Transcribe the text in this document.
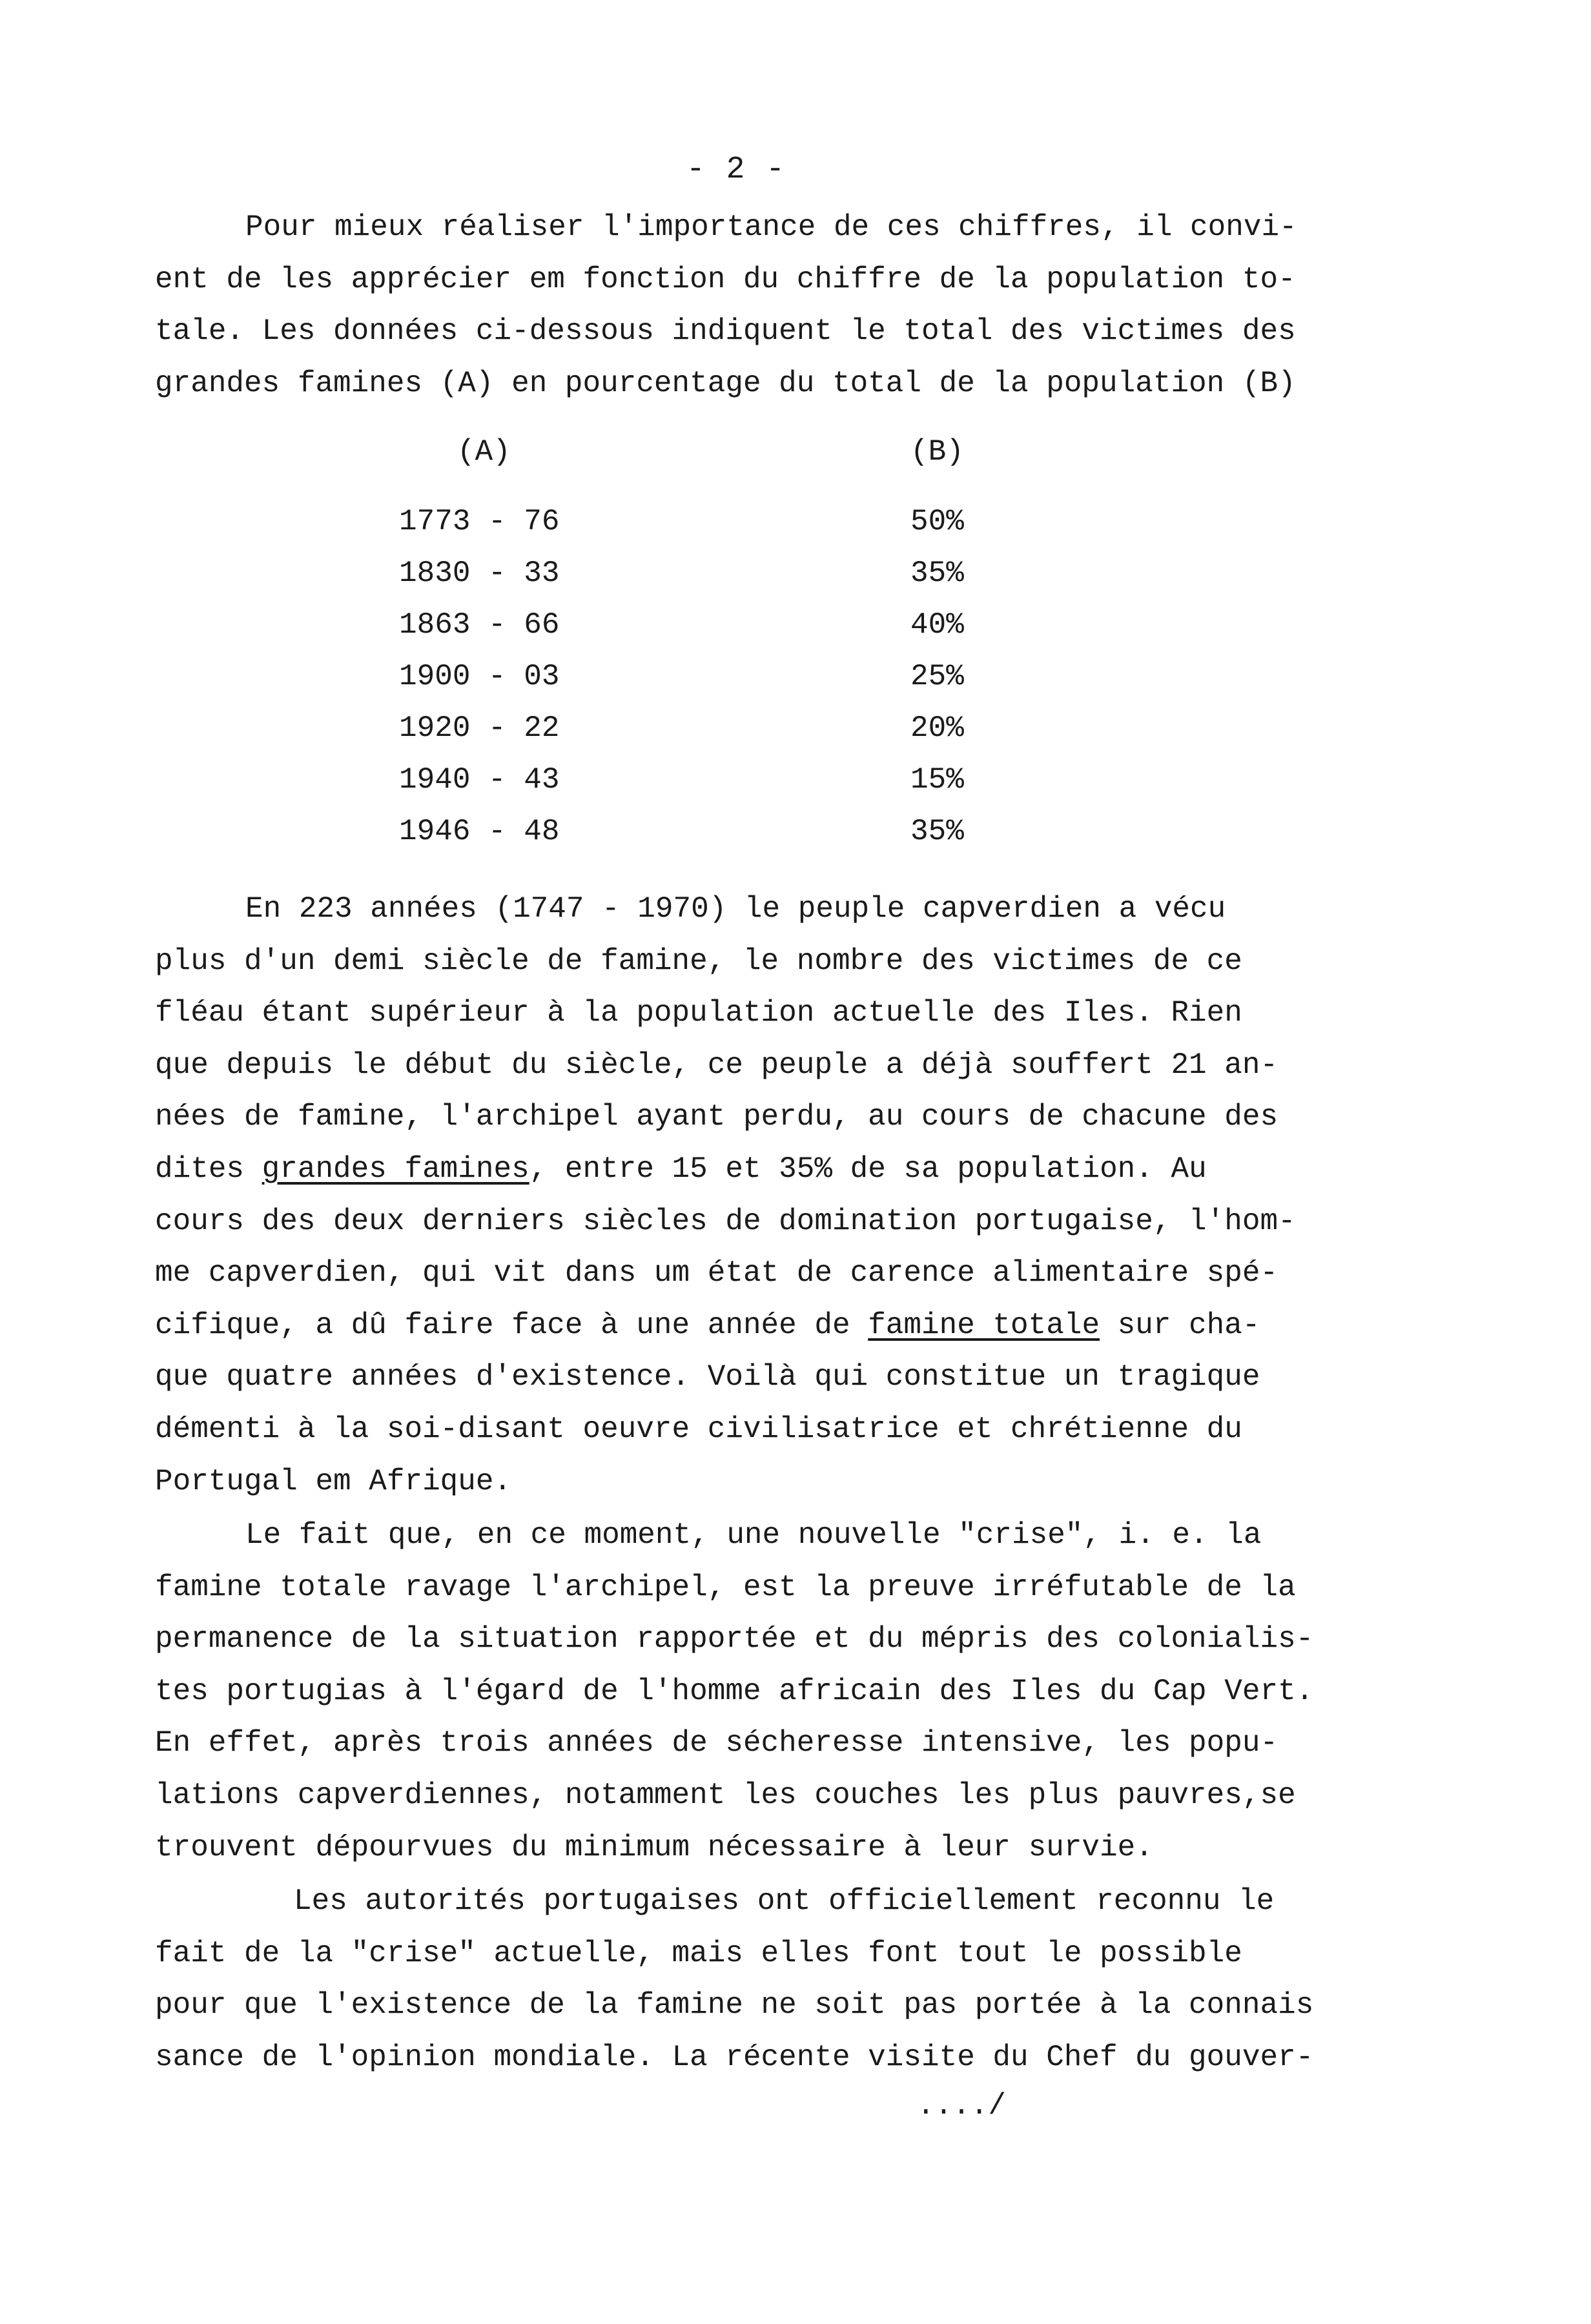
- 2 -
Pour mieux réaliser l'importance de ces chiffres, il convi-
ent de les apprécier em fonction du chiffre de la population to-
tale. Les données ci-dessous indiquent le total des victimes des
grandes famines (A) en pourcentage du total de la population (B)
(A)	(B)
1773 - 76	50%
1830 - 33	35%
1863 - 66	40%
1900 - 03	25%
1920 - 22	20%
1940 - 43	15%
1946 - 48	35%
En 223 années (1747 - 1970) le peuple capverdien a vécu
plus d'un demi siècle de famine, le nombre des victimes de ce
fléau étant supérieur à la population actuelle des Iles. Rien
que depuis le début du siècle, ce peuple a déjà souffert 21 an-
nées de famine, l'archipel ayant perdu, au cours de chacune des
dites grandes famines, entre 15 et 35% de sa population. Au
cours des deux derniers siècles de domination portugaise, l'hom-
me capverdien, qui vit dans um état de carence alimentaire spé-
cifique, a dû faire face à une année de famine totale sur cha-
que quatre années d'existence. Voilà qui constitue un tragique
démenti à la soi-disant oeuvre civilisatrice et chrétienne du
Portugal em Afrique.
Le fait que, en ce moment, une nouvelle "crise", i. e. la
famine totale ravage l'archipel, est la preuve irréfutable de la
permanence de la situation rapportée et du mépris des colonialis-
tes portugias à l'égard de l'homme africain des Iles du Cap Vert.
En effet, après trois années de sécheresse intensive, les popu-
lations capverdiennes, notamment les couches les plus pauvres,se
trouvent dépourvues du minimum nécessaire à leur survie.
Les autorités portugaises ont officiellement reconnu le
fait de la "crise" actuelle, mais elles font tout le possible
pour que l'existence de la famine ne soit pas portée à la connais
sance de l'opinion mondiale. La récente visite du Chef du gouver-
..../
